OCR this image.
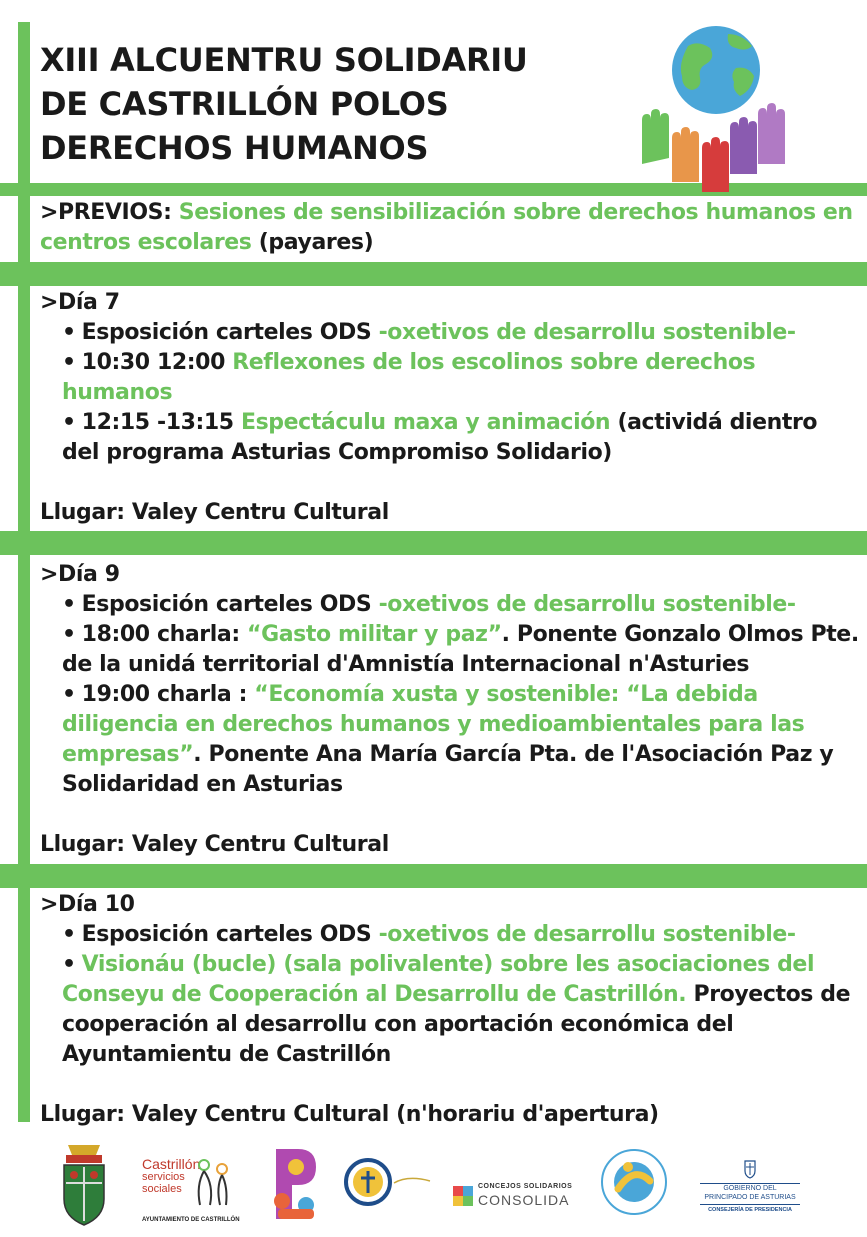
XIII ALCUENTRU SOLIDARIU
DE CASTRILLÓN POLOS
DERECHOS HUMANOS

>PREVIOS: Sesiones de sensibilización sobre derechos humanos en centros escolares (payares)

>Día 7

• Esposición carteles ODS -oxetivos de desarrollu sostenible-

• 10:30 12:00 Reflexones de los escolinos sobre derechos humanos

• 12:15 -13:15 Espectáculu maxa y animación (actividá dientro del programa Asturias Compromiso Solidario)

Llugar: Valey Centru Cultural

>Día 9

• Esposición carteles ODS -oxetivos de desarrollu sostenible-

• 18:00 charla: “Gasto militar y paz”. Ponente Gonzalo Olmos Pte. de la unidá territorial d'Amnistía Internacional n'Asturies

• 19:00 charla : “Economía xusta y sostenible: “La debida diligencia en derechos humanos y medioambientales para las empresas”. Ponente Ana María García Pta. de l'Asociación Paz y Solidaridad en Asturias

Llugar: Valey Centru Cultural

>Día 10

• Esposición carteles ODS -oxetivos de desarrollu sostenible-

• Visionáu (bucle) (sala polivalente) sobre les asociaciones del Conseyu de Cooperación al Desarrollu de Castrillón. Proyectos de cooperación al desarrollu con aportación económica del Ayuntamientu de Castrillón

Llugar: Valey Centru Cultural (n'horariu d'apertura)

Castrillón
servicios
sociales
AYUNTAMIENTO DE CASTRILLÓN
CONCEJOS SOLIDARIOS
CONSOLIDA
GOBIERNO DEL
PRINCIPADO DE ASTURIAS
CONSEJERÍA DE PRESIDENCIA
